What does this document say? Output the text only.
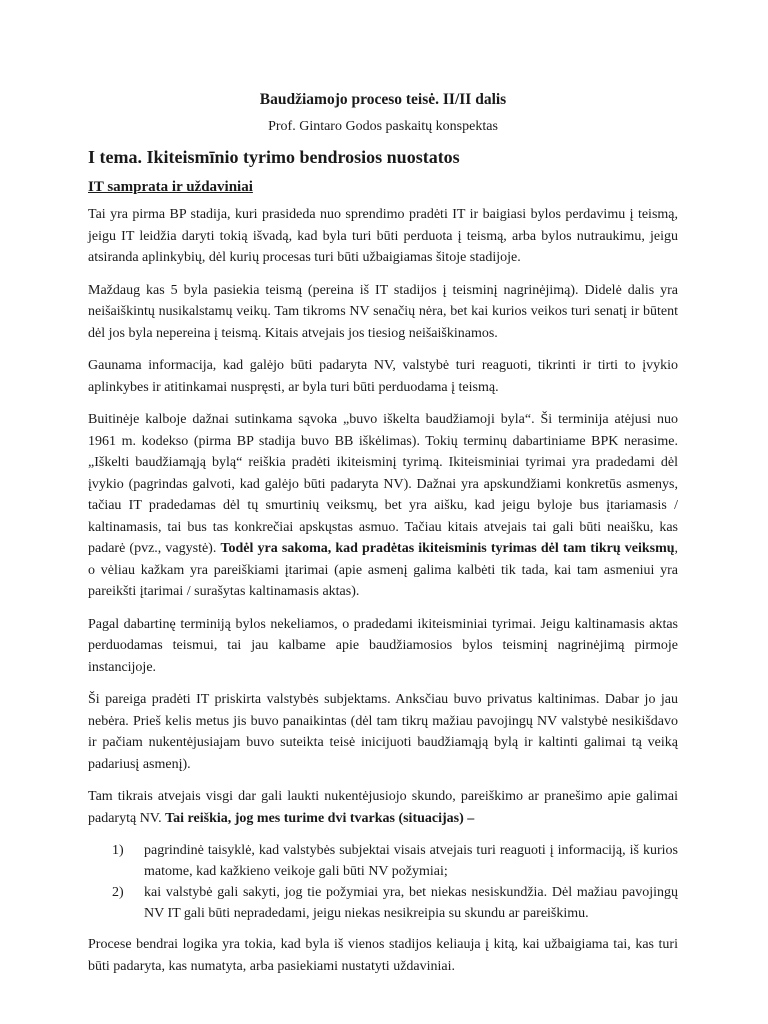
Baudžiamojo proceso teisė. II/II dalis
Prof. Gintaro Godos paskaitų konspektas
I tema. Ikiteismīnio tyrimo bendrosios nuostatos
IT samprata ir uždaviniai

Tai yra pirma BP stadija, kuri prasideda nuo sprendimo pradėti IT ir baigiasi bylos perdavimu į teismą, jeigu IT leidžia daryti tokią išvadą, kad byla turi būti perduota į teismą, arba bylos nutraukimu, jeigu atsiranda aplinkybių, dėl kurių procesas turi būti užbaigiamas šitoje stadijoje.

Maždaug kas 5 byla pasiekia teismą (pereina iš IT stadijos į teisminį nagrinėjimą). Didelė dalis yra neišaiškintų nusikalstamų veikų. Tam tikroms NV senačių nėra, bet kai kurios veikos turi senatį ir būtent dėl jos byla nepereina į teismą. Kitais atvejais jos tiesiog neišaiškinamos.

Gaunama informacija, kad galėjo būti padaryta NV, valstybė turi reaguoti, tikrinti ir tirti to įvykio aplinkybes ir atitinkamai nuspręsti, ar byla turi būti perduodama į teismą.

Buitinėje kalboje dažnai sutinkama sąvoka „buvo iškelta baudžiamoji byla“. Ši terminija atėjusi nuo 1961 m. kodekso (pirma BP stadija buvo BB iškėlimas). Tokių terminų dabartiniame BPK nerasime. „Iškelti baudžiamąją bylą“ reiškia pradėti ikiteisminį tyrimą. Ikiteisminiai tyrimai yra pradedami dėl įvykio (pagrindas galvoti, kad galėjo būti padaryta NV). Dažnai yra apskundžiami konkretūs asmenys, tačiau IT pradedamas dėl tų smurtinių veiksmų, bet yra aišku, kad jeigu byloje bus įtariamasis / kaltinamasis, tai bus tas konkrečiai apskųstas asmuo. Tačiau kitais atvejais tai gali būti neaišku, kas padarė (pvz., vagystė). Todėl yra sakoma, kad pradėtas ikiteisminis tyrimas dėl tam tikrų veiksmų, o vėliau kažkam yra pareiškiami įtarimai (apie asmenį galima kalbėti tik tada, kai tam asmeniui yra pareikšti įtarimai / surašytas kaltinamasis aktas).

Pagal dabartinę terminiją bylos nekeliamos, o pradedami ikiteisminiai tyrimai. Jeigu kaltinamasis aktas perduodamas teismui, tai jau kalbame apie baudžiamosios bylos teisminį nagrinėjimą pirmoje instancijoje.

Ši pareiga pradėti IT priskirta valstybės subjektams. Anksčiau buvo privatus kaltinimas. Dabar jo jau nebėra. Prieš kelis metus jis buvo panaikintas (dėl tam tikrų mažiau pavojingų NV valstybė nesikišdavo ir pačiam nukentėjusiajam buvo suteikta teisė inicijuoti baudžiamąją bylą ir kaltinti galimai tą veiką padariusį asmenį).

Tam tikrais atvejais visgi dar gali laukti nukentėjusiojo skundo, pareiškimo ar pranešimo apie galimai padarytą NV. Tai reiškia, jog mes turime dvi tvarkas (situacijas) –

1) pagrindinė taisyklė, kad valstybės subjektai visais atvejais turi reaguoti į informaciją, iš kurios matome, kad kažkieno veikoje gali būti NV požymiai;
2) kai valstybė gali sakyti, jog tie požymiai yra, bet niekas nesiskundžia. Dėl mažiau pavojingų NV IT gali būti nepradedami, jeigu niekas nesikreipia su skundu ar pareiškimu.

Procese bendrai logika yra tokia, kad byla iš vienos stadijos keliauja į kitą, kai užbaigiama tai, kas turi būti padaryta, kas numatyta, arba pasiekiami nustatyti uždaviniai.
